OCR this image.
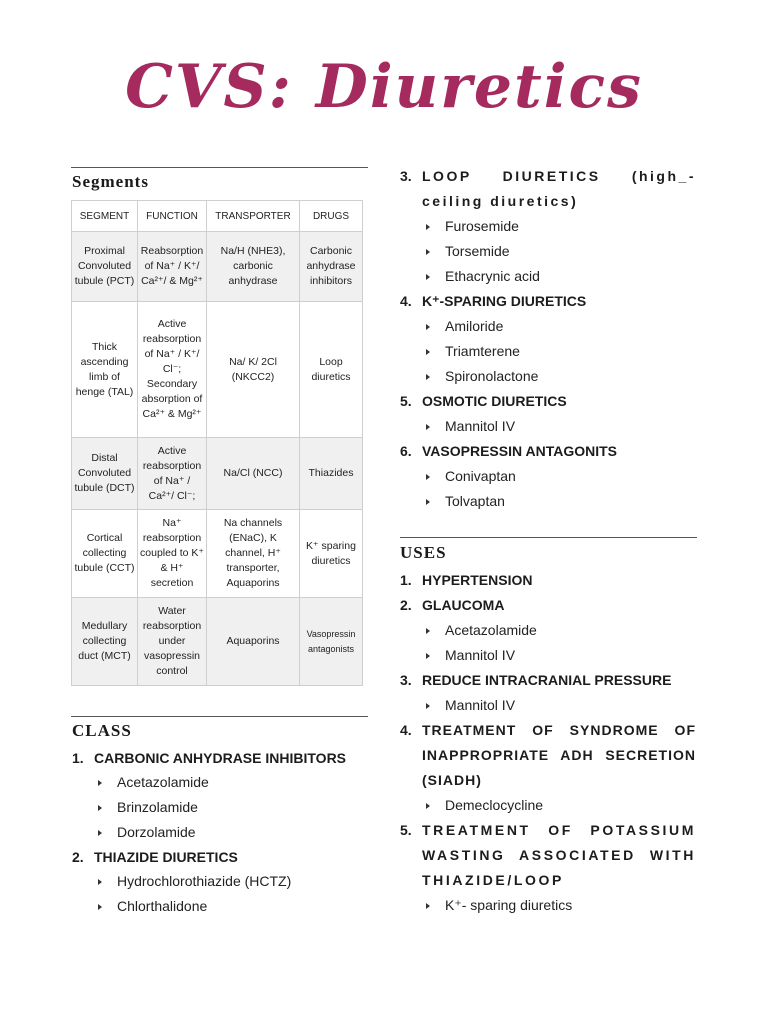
CVS: Diuretics
Segments
SEGMENT	FUNCTION	TRANSPORTER	DRUGS
Proximal Convoluted tubule (PCT)	Reabsorption of Na⁺ / K⁺/ Ca²⁺/ & Mg²⁺	Na/H (NHE3), carbonic anhydrase	Carbonic anhydrase inhibitors
Thick ascending limb of henge (TAL)	Active reabsorption of Na⁺ / K⁺/ Cl⁻; Secondary absorption of Ca²⁺ & Mg²⁺	Na/ K/ 2Cl (NKCC2)	Loop diuretics
Distal Convoluted tubule (DCT)	Active reabsorption of Na⁺ / Ca²⁺/ Cl⁻;	Na/Cl (NCC)	Thiazides
Cortical collecting tubule (CCT)	Na⁺ reabsorption coupled to K⁺ & H⁺ secretion	Na channels (ENaC), K channel, H⁺ transporter, Aquaporins	K⁺ sparing diuretics
Medullary collecting duct (MCT)	Water reabsorption under vasopressin control	Aquaporins	Vasopressin antagonists
CLASS
1. CARBONIC ANHYDRASE INHIBITORS
Acetazolamide
Brinzolamide
Dorzolamide
2. THIAZIDE DIURETICS
Hydrochlorothiazide (HCTZ)
Chlorthalidone
3. LOOP DIURETICS (high_-ceiling diuretics)
Furosemide
Torsemide
Ethacrynic acid
4. K⁺-SPARING DIURETICS
Amiloride
Triamterene
Spironolactone
5. OSMOTIC DIURETICS
Mannitol IV
6. VASOPRESSIN ANTAGONITS
Conivaptan
Tolvaptan
USES
1. HYPERTENSION
2. GLAUCOMA
Acetazolamide
Mannitol IV
3. REDUCE INTRACRANIAL PRESSURE
Mannitol IV
4. TREATMENT OF SYNDROME OF INAPPROPRIATE ADH SECRETION (SIADH)
Demeclocycline
5. TREATMENT OF POTASSIUM WASTING ASSOCIATED WITH THIAZIDE/LOOP
K⁺- sparing diuretics
